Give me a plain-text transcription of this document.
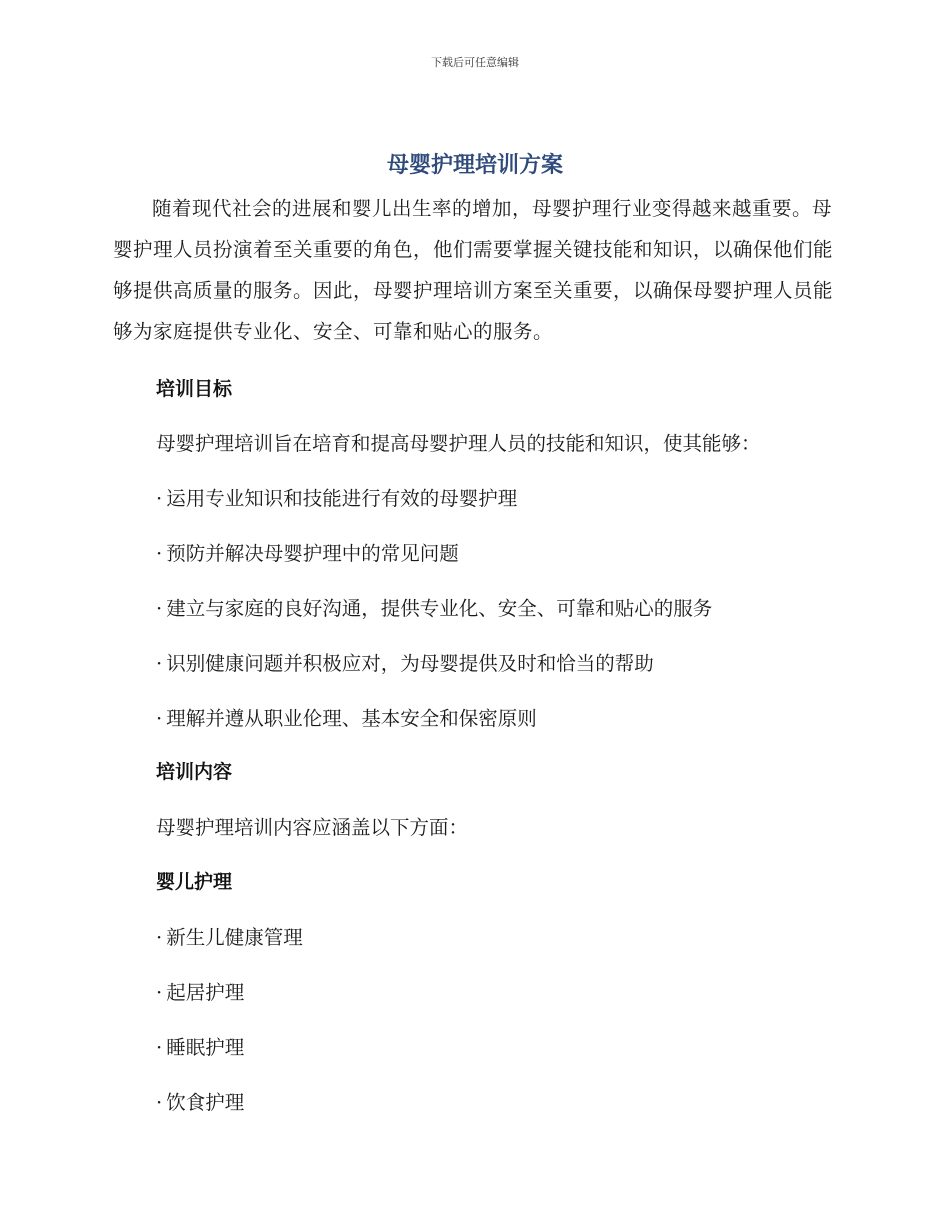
下载后可任意编辑
母婴护理培训方案

随着现代社会的进展和婴儿出生率的增加，母婴护理行业变得越来越重要。母婴护理人员扮演着至关重要的角色，他们需要掌握关键技能和知识，以确保他们能够提供高质量的服务。因此，母婴护理培训方案至关重要，以确保母婴护理人员能够为家庭提供专业化、安全、可靠和贴心的服务。

培训目标

母婴护理培训旨在培育和提高母婴护理人员的技能和知识，使其能够：

· 运用专业知识和技能进行有效的母婴护理

· 预防并解决母婴护理中的常见问题

· 建立与家庭的良好沟通，提供专业化、安全、可靠和贴心的服务

· 识别健康问题并积极应对，为母婴提供及时和恰当的帮助

· 理解并遵从职业伦理、基本安全和保密原则

培训内容

母婴护理培训内容应涵盖以下方面：

婴儿护理

· 新生儿健康管理

· 起居护理

· 睡眠护理

· 饮食护理
